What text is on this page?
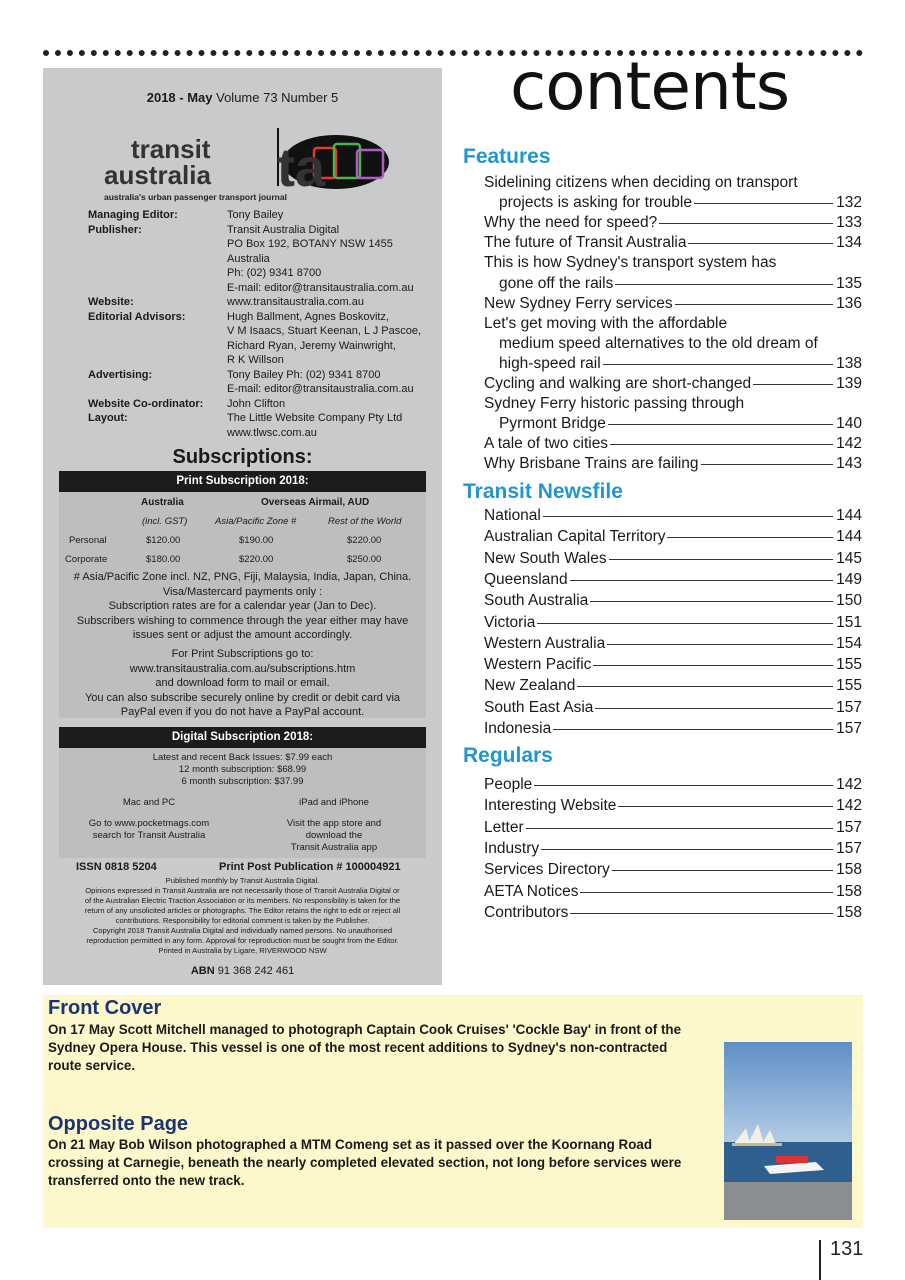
2018 - May Volume 73 Number 5
transit
australia ta
australia's urban passenger transport journal
Managing Editor:	Tony Bailey
Publisher:	Transit Australia Digital
PO Box 192, BOTANY NSW 1455
Australia
Ph: (02) 9341 8700
E-mail: editor@transitaustralia.com.au
Website:	www.transitaustralia.com.au
Editorial Advisors:	Hugh Ballment, Agnes Boskovitz,
V M Isaacs, Stuart Keenan, L J Pascoe,
Richard Ryan, Jeremy Wainwright,
R K Willson
Advertising:	Tony Bailey Ph: (02) 9341 8700
E-mail: editor@transitaustralia.com.au
Website Co-ordinator:	John Clifton
Layout:	The Little Website Company Pty Ltd
www.tlwsc.com.au
Subscriptions:
Print Subscription 2018:
Australia	Overseas Airmail, AUD
(incl. GST)	Asia/Pacific Zone #	Rest of the World
Personal	$120.00	$190.00	$220.00
Corporate	$180.00	$220.00	$250.00
# Asia/Pacific Zone incl. NZ, PNG, Fiji, Malaysia, India, Japan, China.
Visa/Mastercard payments only :
Subscription rates are for a calendar year (Jan to Dec).
Subscribers wishing to commence through the year either may have
issues sent or adjust the amount accordingly.
For Print Subscriptions go to:
www.transitaustralia.com.au/subscriptions.htm
and download form to mail or email.
You can also subscribe securely online by credit or debit card via
PayPal even if you do not have a PayPal account.
Digital Subscription 2018:
Latest and recent Back Issues: $7.99 each
12 month subscription: $68.99
6 month subscription: $37.99
Mac and PC	iPad and iPhone
Go to www.pocketmags.com
search for Transit Australia
Visit the app store and
download the
Transit Australia app
ISSN 0818 5204	Print Post Publication # 100004921
Published monthly by Transit Australia Digital.
Opinions expressed in Transit Australia are not necessarily those of Transit Australia Digital or
of the Australian Electric Traction Association or its members. No responsibility is taken for the
return of any unsolicited articles or photographs. The Editor retains the right to edit or reject all
contributions. Responsibility for editorial comment is taken by the Publisher.
Copyright 2018 Transit Australia Digital and individually named persons. No unauthorised
reproduction permitted in any form. Approval for reproduction must be sought from the Editor.
Printed in Australia by Ligare, RIVERWOOD NSW
ABN 91 368 242 461
contents
Features
Sidelining citizens when deciding on transport
projects is asking for trouble	132
Why the need for speed?	133
The future of Transit Australia	134
This is how Sydney's transport system has
gone off the rails	135
New Sydney Ferry services	136
Let's get moving with the affordable
medium speed alternatives to the old dream of
high-speed rail	138
Cycling and walking are short-changed	139
Sydney Ferry historic passing through
Pyrmont Bridge	140
A tale of two cities	142
Why Brisbane Trains are failing	143
Transit Newsfile
National	144
Australian Capital Territory	144
New South Wales	145
Queensland	149
South Australia	150
Victoria	151
Western Australia	154
Western Pacific	155
New Zealand	155
South East Asia	157
Indonesia	157
Regulars
People	142
Interesting Website	142
Letter	157
Industry	157
Services Directory	158
AETA Notices	158
Contributors	158
Front Cover

On 17 May Scott Mitchell managed to photograph Captain Cook Cruises' 'Cockle Bay' in front of the Sydney Opera House. This vessel is one of the most recent additions to Sydney's non-contracted route service.

Opposite Page

On 21 May Bob Wilson photographed a MTM Comeng set as it passed over the Koornang Road crossing at Carnegie, beneath the nearly completed elevated section, not long before services were transferred onto the new track.

131
